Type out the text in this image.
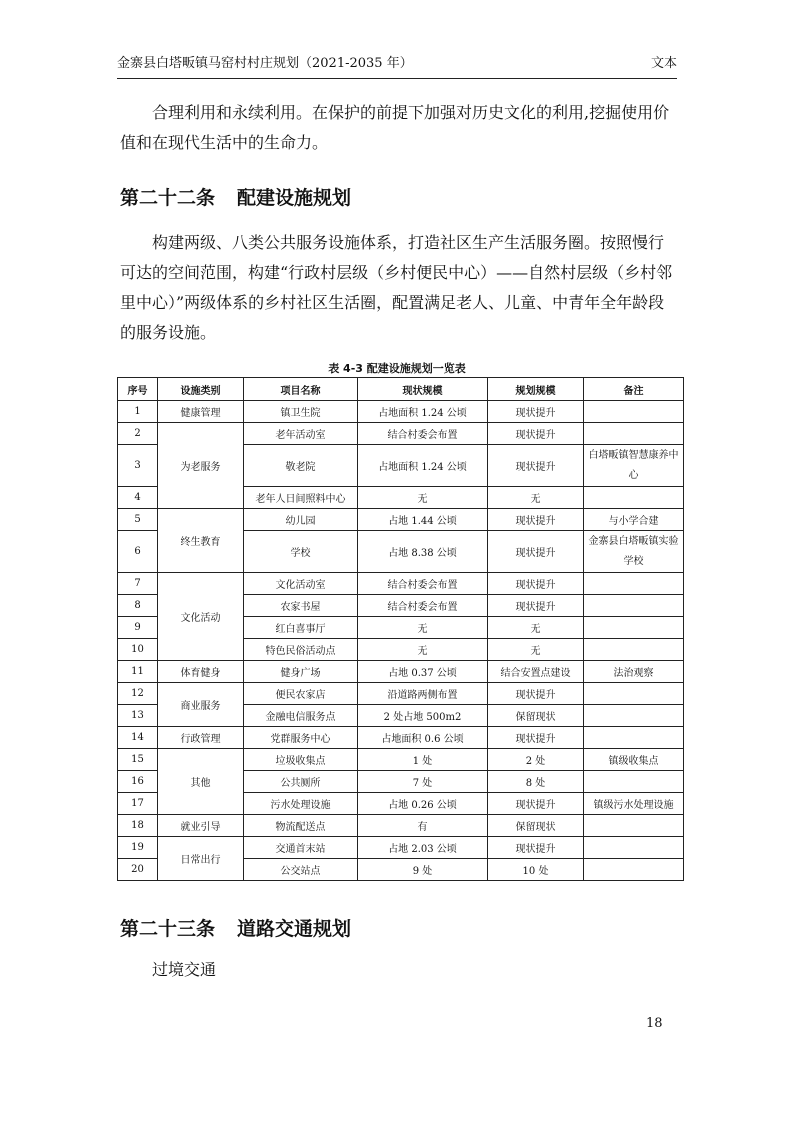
金寨县白塔畈镇马窑村村庄规划（2021-2035 年）	文本

合理利用和永续利用。在保护的前提下加强对历史文化的利用,挖掘使用价值和在现代生活中的生命力。

第二十二条 配建设施规划

构建两级、八类公共服务设施体系，打造社区生产生活服务圈。按照慢行可达的空间范围，构建“行政村层级（乡村便民中心）——自然村层级（乡村邻里中心）”两级体系的乡村社区生活圈，配置满足老人、儿童、中青年全年龄段的服务设施。

表 4-3 配建设施规划一览表
序号	设施类别	项目名称	现状规模	规划规模	备注
1	健康管理	镇卫生院	占地面积 1.24 公顷	现状提升	
2	为老服务	老年活动室	结合村委会布置	现状提升	
3		敬老院	占地面积 1.24 公顷	现状提升	白塔畈镇智慧康养中心
4		老年人日间照料中心	无	无	
5	终生教育	幼儿园	占地 1.44 公顷	现状提升	与小学合建
6		学校	占地 8.38 公顷	现状提升	金寨县白塔畈镇实验学校
7	文化活动	文化活动室	结合村委会布置	现状提升	
8		农家书屋	结合村委会布置	现状提升	
9		红白喜事厅	无	无	
10		特色民俗活动点	无	无	
11	体育健身	健身广场	占地 0.37 公顷	结合安置点建设	法治观察
12	商业服务	便民农家店	沿道路两侧布置	现状提升	
13		金融电信服务点	2 处占地 500m2	保留现状	
14	行政管理	党群服务中心	占地面积 0.6 公顷	现状提升	
15	其他	垃圾收集点	1 处	2 处	镇级收集点
16		公共厕所	7 处	8 处	
17		污水处理设施	占地 0.26 公顷	现状提升	镇级污水处理设施
18	就业引导	物流配送点	有	保留现状	
19	日常出行	交通首末站	占地 2.03 公顷	现状提升	
20		公交站点	9 处	10 处	
第二十三条 道路交通规划

过境交通

18
